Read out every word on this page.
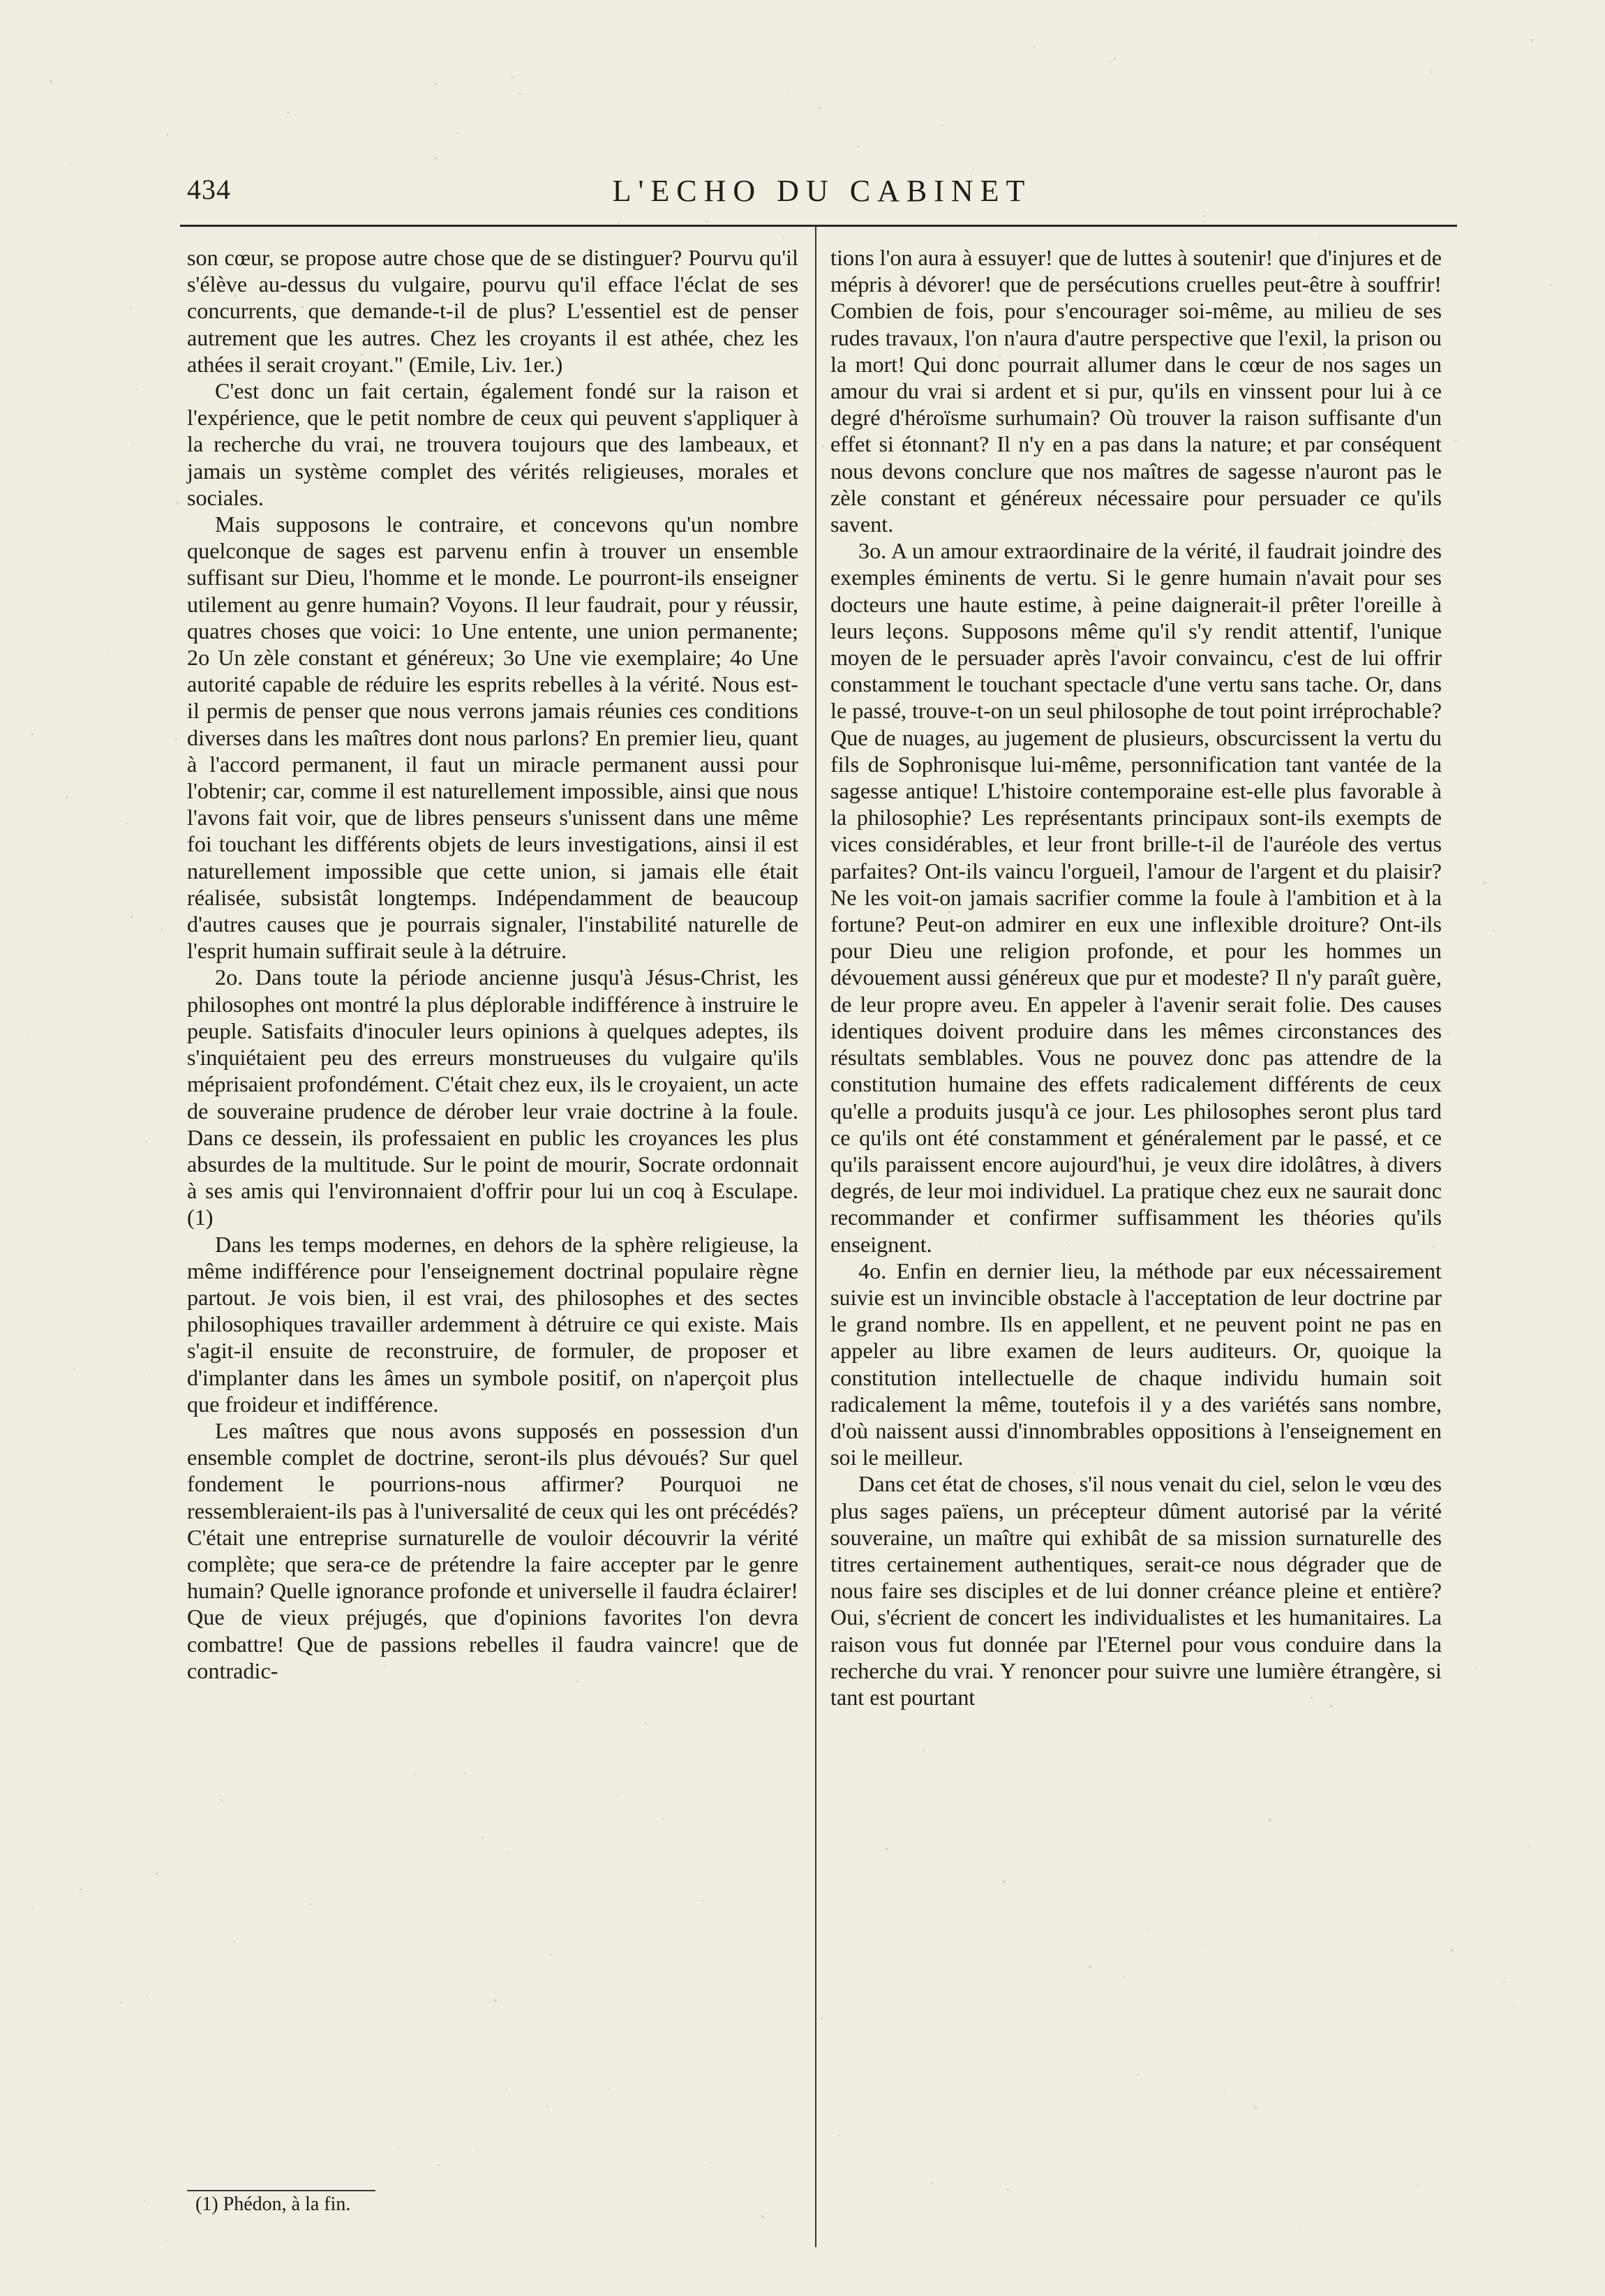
434	L'ECHO DU CABINET

son cœur, se propose autre chose que de se distinguer? Pourvu qu'il s'élève au-dessus du vulgaire, pourvu qu'il efface l'éclat de ses concurrents, que demande-t-il de plus? L'essentiel est de penser autrement que les autres. Chez les croyants il est athée, chez les athées il serait croyant." (Emile, Liv. 1er.)

C'est donc un fait certain, également fondé sur la raison et l'expérience, que le petit nombre de ceux qui peuvent s'appliquer à la recherche du vrai, ne trouvera toujours que des lambeaux, et jamais un système complet des vérités religieuses, morales et sociales.

Mais supposons le contraire, et concevons qu'un nombre quelconque de sages est parvenu enfin à trouver un ensemble suffisant sur Dieu, l'homme et le monde. Le pourront-ils enseigner utilement au genre humain? Voyons. Il leur faudrait, pour y réussir, quatres choses que voici: 1o Une entente, une union permanente; 2o Un zèle constant et généreux; 3o Une vie exemplaire; 4o Une autorité capable de réduire les esprits rebelles à la vérité. Nous est-il permis de penser que nous verrons jamais réunies ces conditions diverses dans les maîtres dont nous parlons? En premier lieu, quant à l'accord permanent, il faut un miracle permanent aussi pour l'obtenir; car, comme il est naturellement impossible, ainsi que nous l'avons fait voir, que de libres penseurs s'unissent dans une même foi touchant les différents objets de leurs investigations, ainsi il est naturellement impossible que cette union, si jamais elle était réalisée, subsistât longtemps. Indépendamment de beaucoup d'autres causes que je pourrais signaler, l'instabilité naturelle de l'esprit humain suffirait seule à la détruire.

2o. Dans toute la période ancienne jusqu'à Jésus-Christ, les philosophes ont montré la plus déplorable indifférence à instruire le peuple. Satisfaits d'inoculer leurs opinions à quelques adeptes, ils s'inquiétaient peu des erreurs monstrueuses du vulgaire qu'ils méprisaient profondément. C'était chez eux, ils le croyaient, un acte de souveraine prudence de dérober leur vraie doctrine à la foule. Dans ce dessein, ils professaient en public les croyances les plus absurdes de la multitude. Sur le point de mourir, Socrate ordonnait à ses amis qui l'environnaient d'offrir pour lui un coq à Esculape. (1)

Dans les temps modernes, en dehors de la sphère religieuse, la même indifférence pour l'enseignement doctrinal populaire règne partout. Je vois bien, il est vrai, des philosophes et des sectes philosophiques travailler ardemment à détruire ce qui existe. Mais s'agit-il ensuite de reconstruire, de formuler, de proposer et d'implanter dans les âmes un symbole positif, on n'aperçoit plus que froideur et indifférence.

Les maîtres que nous avons supposés en possession d'un ensemble complet de doctrine, seront-ils plus dévoués? Sur quel fondement le pourrions-nous affirmer? Pourquoi ne ressembleraient-ils pas à l'universalité de ceux qui les ont précédés? C'était une entreprise surnaturelle de vouloir découvrir la vérité complète; que sera-ce de prétendre la faire accepter par le genre humain? Quelle ignorance profonde et universelle il faudra éclairer! Que de vieux préjugés, que d'opinions favorites l'on devra combattre! Que de passions rebelles il faudra vaincre! que de contradic-

tions l'on aura à essuyer! que de luttes à soutenir! que d'injures et de mépris à dévorer! que de persécutions cruelles peut-être à souffrir! Combien de fois, pour s'encourager soi-même, au milieu de ses rudes travaux, l'on n'aura d'autre perspective que l'exil, la prison ou la mort! Qui donc pourrait allumer dans le cœur de nos sages un amour du vrai si ardent et si pur, qu'ils en vinssent pour lui à ce degré d'héroïsme surhumain? Où trouver la raison suffisante d'un effet si étonnant? Il n'y en a pas dans la nature; et par conséquent nous devons conclure que nos maîtres de sagesse n'auront pas le zèle constant et généreux nécessaire pour persuader ce qu'ils savent.

3o. A un amour extraordinaire de la vérité, il faudrait joindre des exemples éminents de vertu. Si le genre humain n'avait pour ses docteurs une haute estime, à peine daignerait-il prêter l'oreille à leurs leçons. Supposons même qu'il s'y rendit attentif, l'unique moyen de le persuader après l'avoir convaincu, c'est de lui offrir constamment le touchant spectacle d'une vertu sans tache. Or, dans le passé, trouve-t-on un seul philosophe de tout point irréprochable? Que de nuages, au jugement de plusieurs, obscurcissent la vertu du fils de Sophronisque lui-même, personnification tant vantée de la sagesse antique! L'histoire contemporaine est-elle plus favorable à la philosophie? Les représentants principaux sont-ils exempts de vices considérables, et leur front brille-t-il de l'auréole des vertus parfaites? Ont-ils vaincu l'orgueil, l'amour de l'argent et du plaisir? Ne les voit-on jamais sacrifier comme la foule à l'ambition et à la fortune? Peut-on admirer en eux une inflexible droiture? Ont-ils pour Dieu une religion profonde, et pour les hommes un dévouement aussi généreux que pur et modeste? Il n'y paraît guère, de leur propre aveu. En appeler à l'avenir serait folie. Des causes identiques doivent produire dans les mêmes circonstances des résultats semblables. Vous ne pouvez donc pas attendre de la constitution humaine des effets radicalement différents de ceux qu'elle a produits jusqu'à ce jour. Les philosophes seront plus tard ce qu'ils ont été constamment et généralement par le passé, et ce qu'ils paraissent encore aujourd'hui, je veux dire idolâtres, à divers degrés, de leur moi individuel. La pratique chez eux ne saurait donc recommander et confirmer suffisamment les théories qu'ils enseignent.

4o. Enfin en dernier lieu, la méthode par eux nécessairement suivie est un invincible obstacle à l'acceptation de leur doctrine par le grand nombre. Ils en appellent, et ne peuvent point ne pas en appeler au libre examen de leurs auditeurs. Or, quoique la constitution intellectuelle de chaque individu humain soit radicalement la même, toutefois il y a des variétés sans nombre, d'où naissent aussi d'innombrables oppositions à l'enseignement en soi le meilleur.

Dans cet état de choses, s'il nous venait du ciel, selon le vœu des plus sages païens, un précepteur dûment autorisé par la vérité souveraine, un maître qui exhibât de sa mission surnaturelle des titres certainement authentiques, serait-ce nous dégrader que de nous faire ses disciples et de lui donner créance pleine et entière? Oui, s'écrient de concert les individualistes et les humanitaires. La raison vous fut donnée par l'Eternel pour vous conduire dans la recherche du vrai. Y renoncer pour suivre une lumière étrangère, si tant est pourtant

(1) Phédon, à la fin.
